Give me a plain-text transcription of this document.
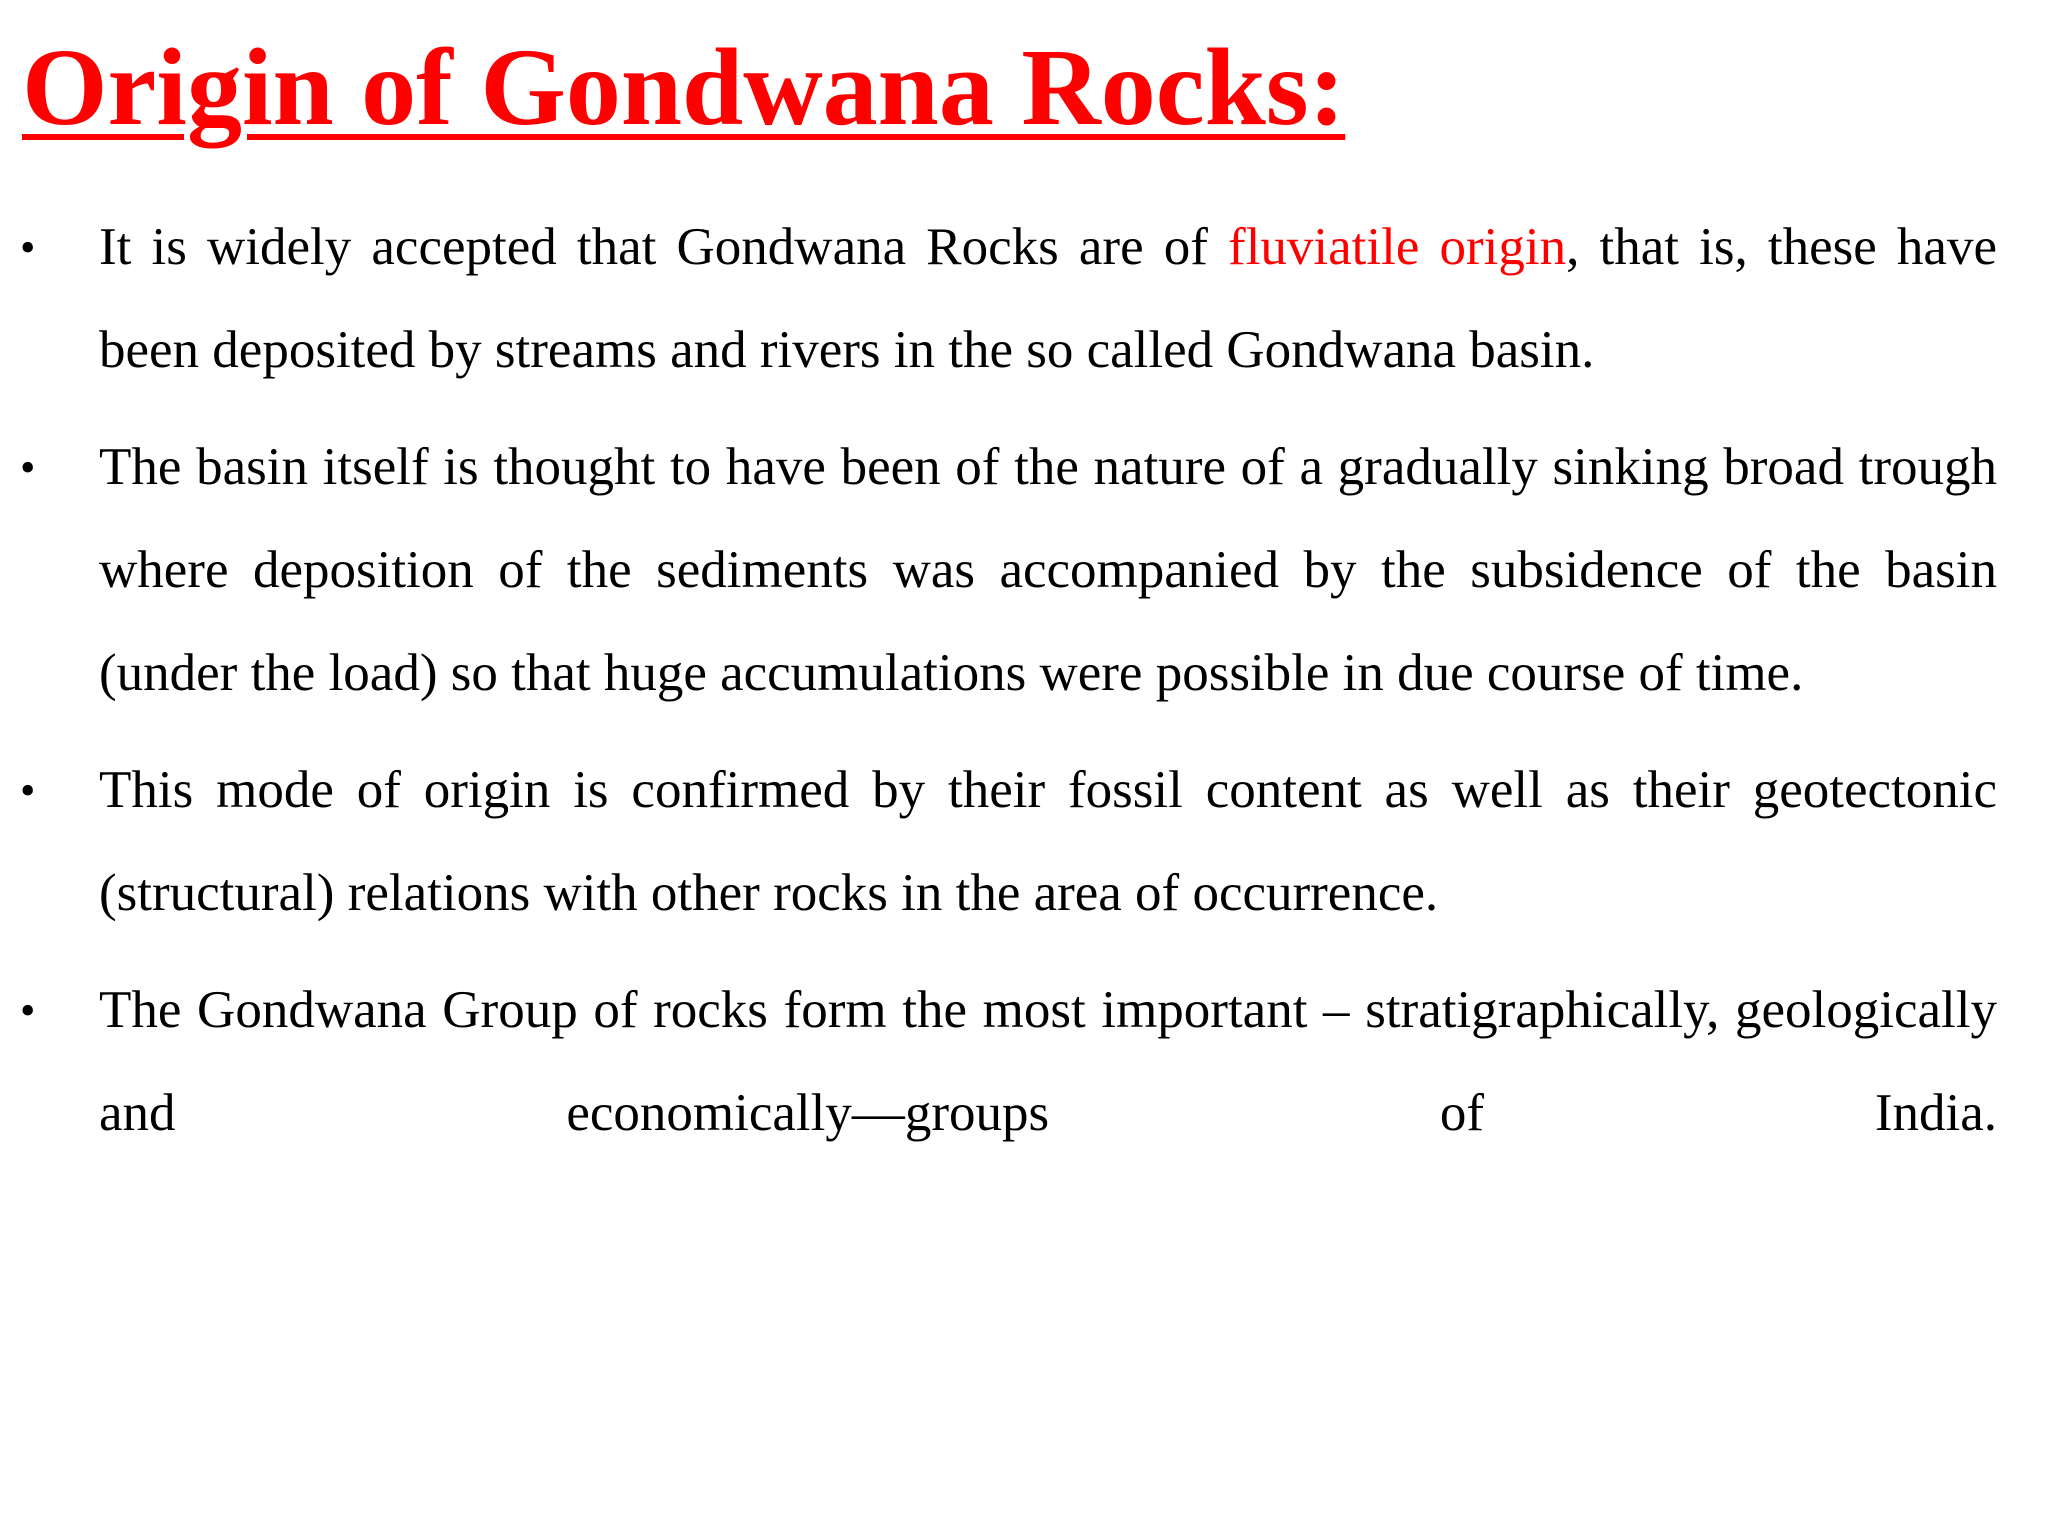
Origin of Gondwana Rocks:
• It is widely accepted that Gondwana Rocks are of fluviatile origin, that is, these have been deposited by streams and rivers in the so called Gondwana basin.
• The basin itself is thought to have been of the nature of a gradually sinking broad trough where deposition of the sediments was accompanied by the subsidence of the basin (under the load) so that huge accumulations were possible in due course of time.
• This mode of origin is confirmed by their fossil content as well as their geotectonic (structural) relations with other rocks in the area of occurrence.
• The Gondwana Group of rocks form the most important – stratigraphically, geologically and economically—groups of India.
